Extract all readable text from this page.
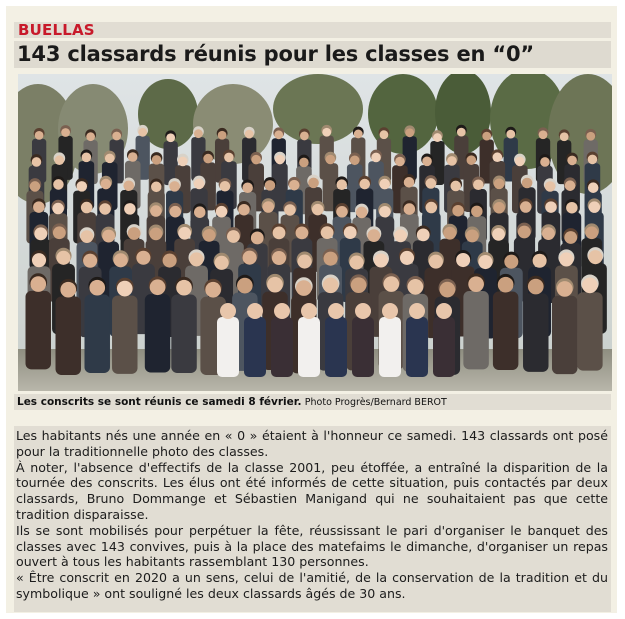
BUELLAS
143 classards réunis pour les classes en “0”
Les conscrits se sont réunis ce samedi 8 février. Photo Progrès/Bernard BEROT

Les habitants nés une année en « 0 » étaient à l'honneur ce samedi. 143 classards ont posé pour la traditionnelle photo des classes.

À noter, l'absence d'effectifs de la classe 2001, peu étoffée, a entraîné la disparition de la tournée des conscrits. Les élus ont été informés de cette situation, puis contactés par deux classards, Bruno Dommange et Sébastien Manigand qui ne souhaitaient pas que cette tradition disparaisse.

Ils se sont mobilisés pour perpétuer la fête, réussissant le pari d'organiser le banquet des classes avec 143 convives, puis à la place des matefaims le dimanche, d'organiser un repas ouvert à tous les habitants rassemblant 130 personnes.

« Être conscrit en 2020 a un sens, celui de l'amitié, de la conservation de la tradition et du symbolique » ont souligné les deux classards âgés de 30 ans.
